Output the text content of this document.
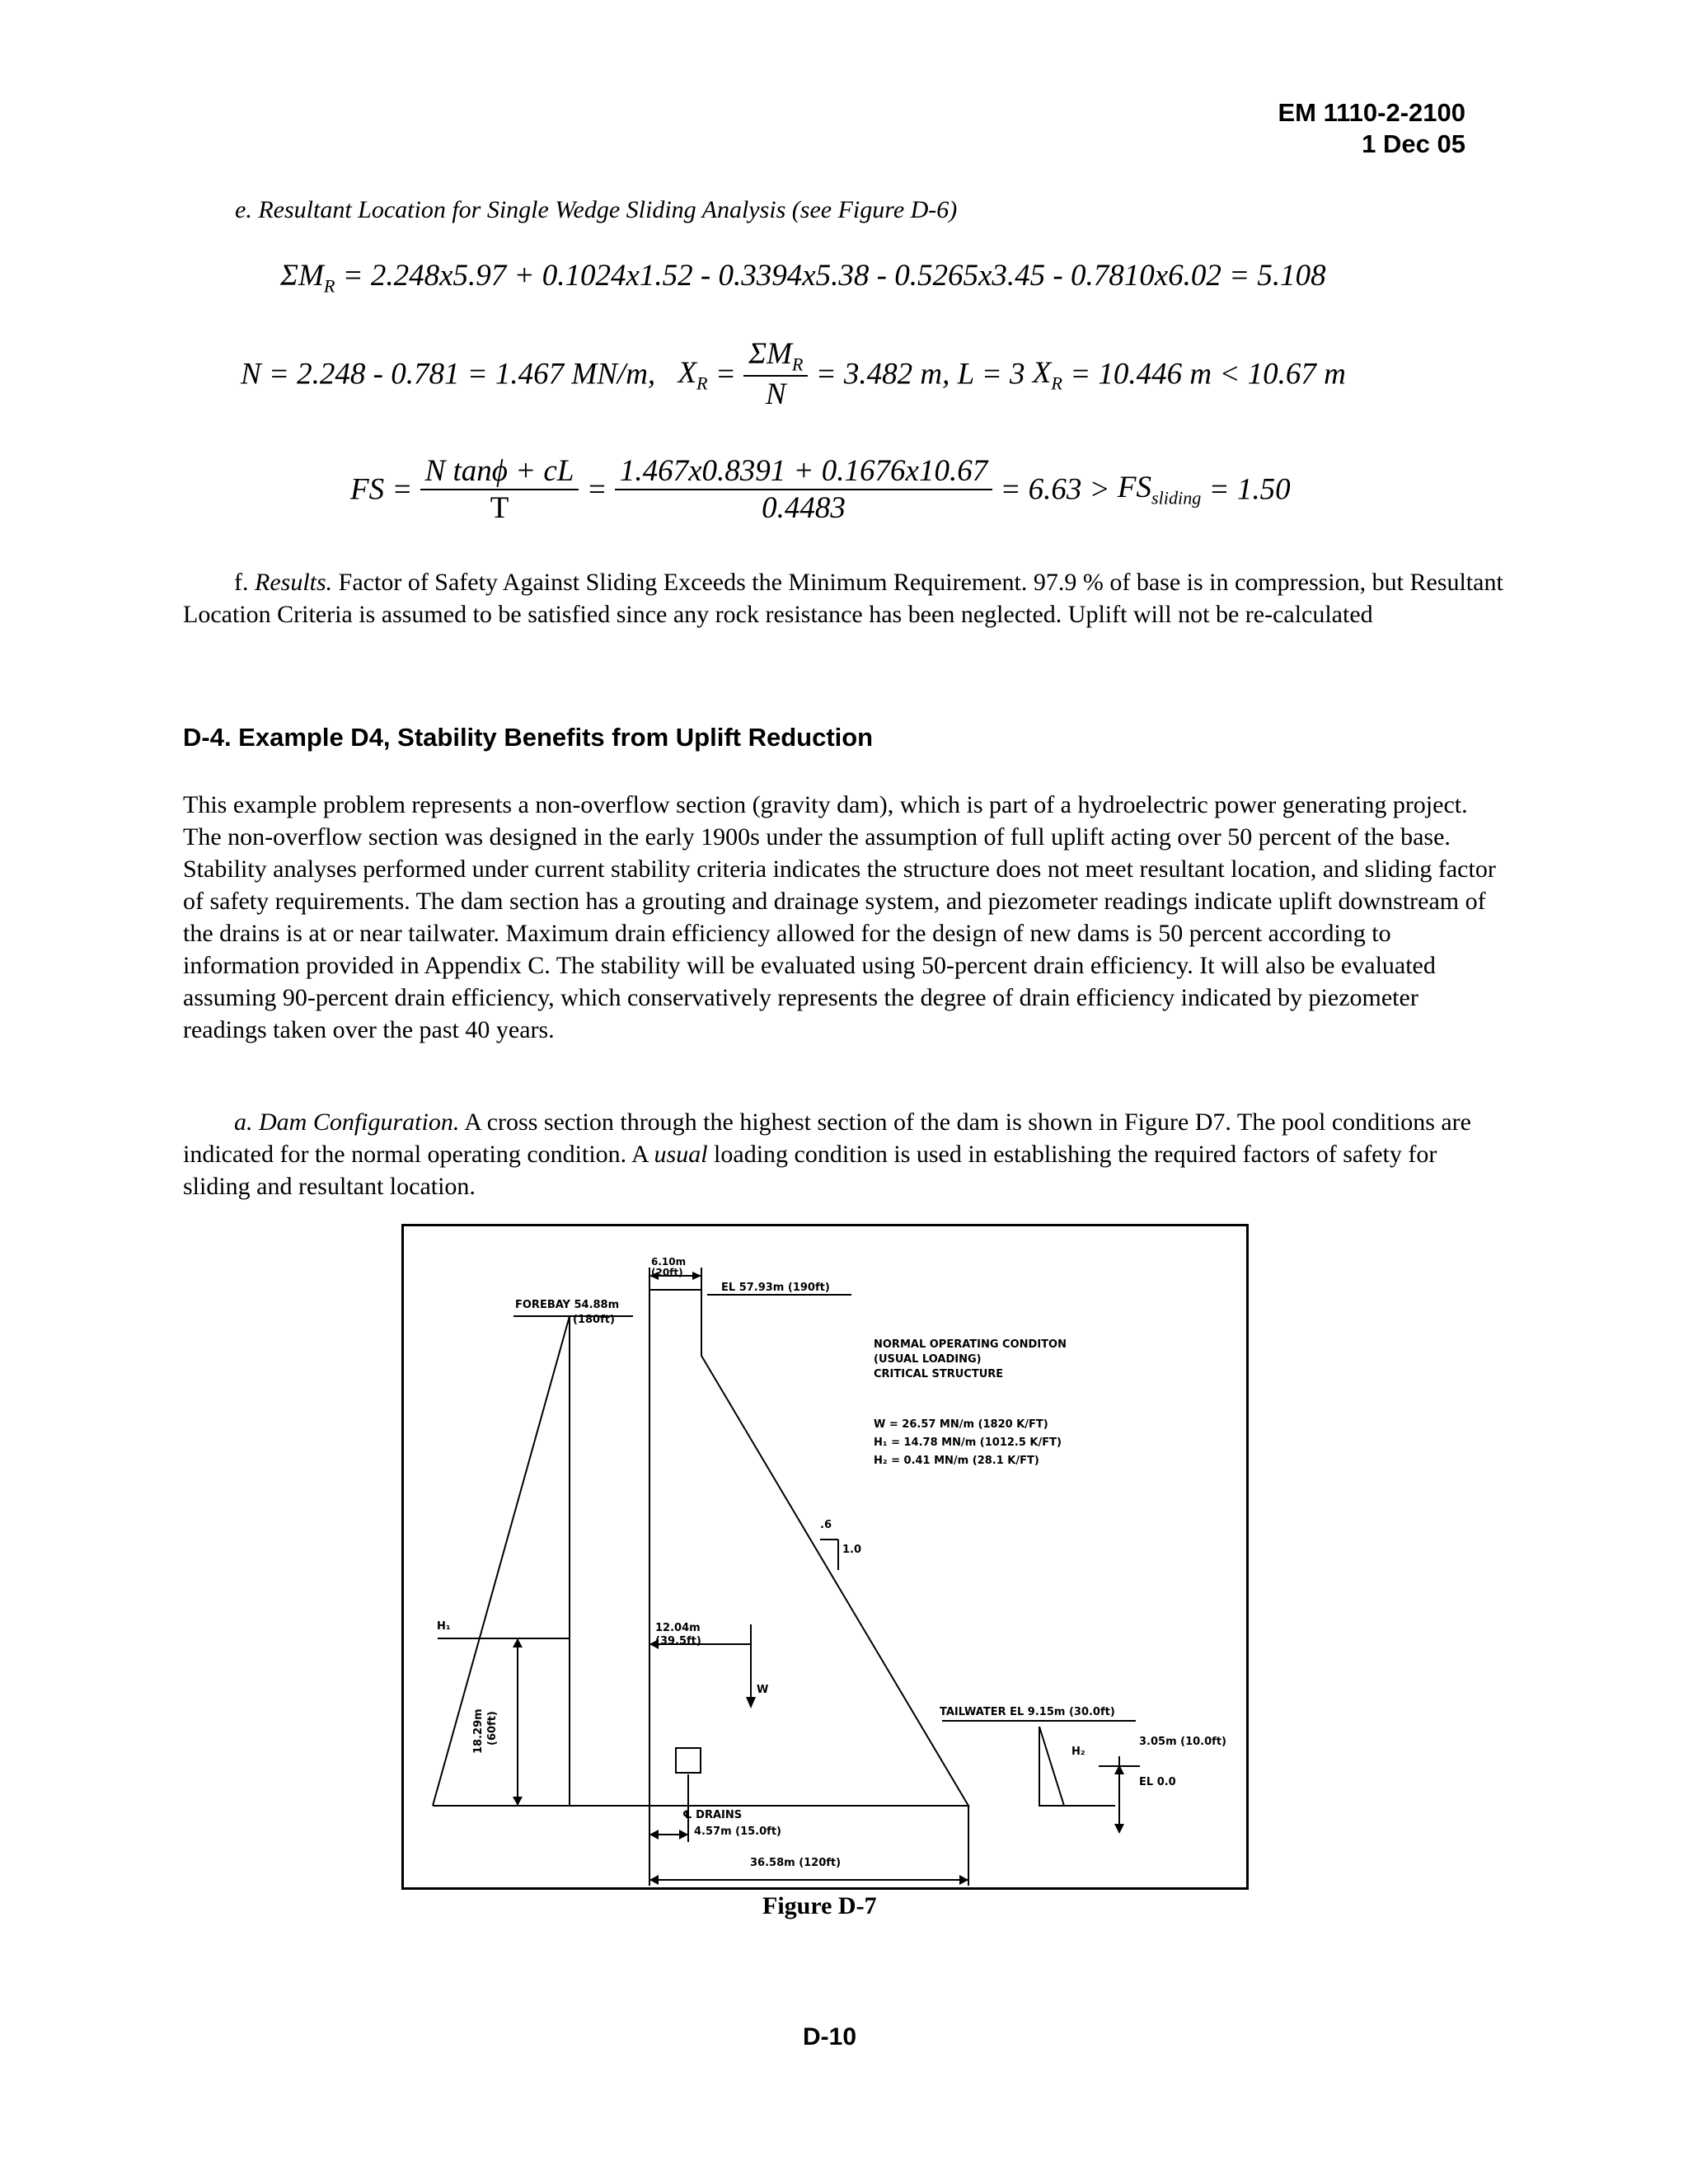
EM 1110-2-2100
1 Dec 05
e. Resultant Location for Single Wedge Sliding Analysis (see Figure D-6)
$\Sigma M_R = 2.248x5.97 + 0.1024x1.52 - 0.3394x5.38 - 0.5265x3.45 - 0.7810x6.02 = 5.108$
N = 2.248 - 0.781 = 1.467 MN/m, $X_R = \frac{\Sigma M_R}{N} = 3.482$ m, L = 3 $X_R = 10.446$ m < 10.67 m
FS = $\frac{\text{N tanϕ + cL}}{T} = \frac{1.467x0.8391 + 0.1676x10.67}{0.4483} = 6.63 > FS_{sliding} = 1.50$
f. Results. Factor of Safety Against Sliding Exceeds the Minimum Requirement. 97.9 % of base is in compression, but Resultant Location Criteria is assumed to be satisfied since any rock resistance has been neglected. Uplift will not be re-calculated
D-4. Example D4, Stability Benefits from Uplift Reduction
This example problem represents a non-overflow section (gravity dam), which is part of a hydroelectric power generating project. The non-overflow section was designed in the early 1900s under the assumption of full uplift acting over 50 percent of the base. Stability analyses performed under current stability criteria indicates the structure does not meet resultant location, and sliding factor of safety requirements. The dam section has a grouting and drainage system, and piezometer readings indicate uplift downstream of the drains is at or near tailwater. Maximum drain efficiency allowed for the design of new dams is 50 percent according to information provided in Appendix C. The stability will be evaluated using 50-percent drain efficiency. It will also be evaluated assuming 90-percent drain efficiency, which conservatively represents the degree of drain efficiency indicated by piezometer readings taken over the past 40 years.
a. Dam Configuration. A cross section through the highest section of the dam is shown in Figure D7. The pool conditions are indicated for the normal operating condition. A usual loading condition is used in establishing the required factors of safety for sliding and resultant location.
6.10m
(20ft)
EL 57.93m (190ft)
FOREBAY 54.88m
(180ft)
NORMAL OPERATING CONDITON
(USUAL LOADING)
CRITICAL STRUCTURE
W = 26.57 MN/m (1820 K/FT)
H₁ = 14.78 MN/m (1012.5 K/FT)
H₂ = 0.41 MN/m (28.1 K/FT)
.6
1.0
H₁	12.04m
(39.5ft)
W
18.29m (60ft)	TAILWATER EL 9.15m (30.0ft)
H₂
3.05m (10.0ft)
EL 0.0
℄ DRAINS
4.57m (15.0ft)
36.58m (120ft)
Figure D-7
D-10
